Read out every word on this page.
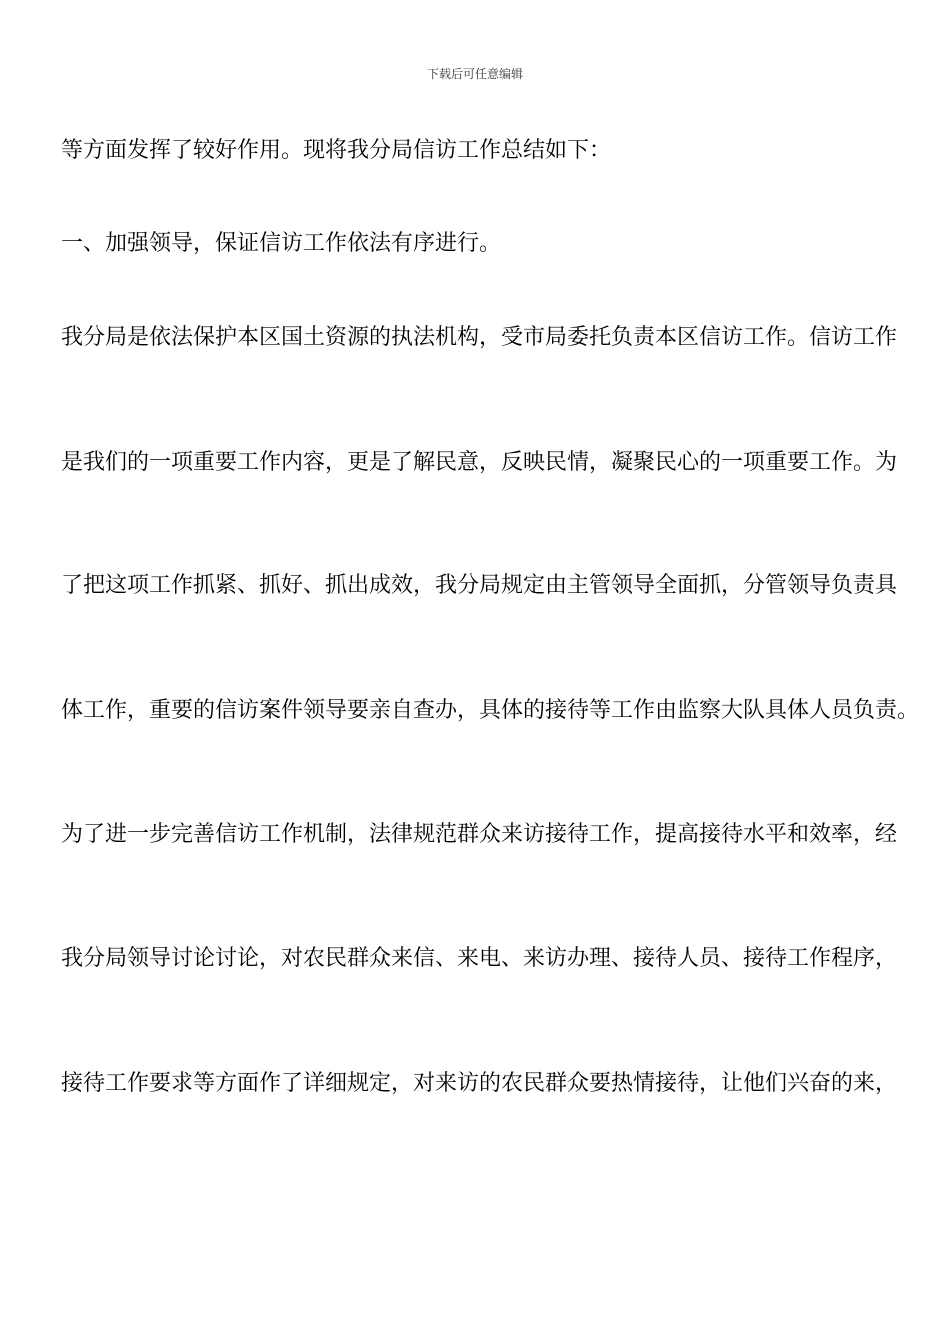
下载后可任意编辑
等方面发挥了较好作用。现将我分局信访工作总结如下：
一、加强领导，保证信访工作依法有序进行。
我分局是依法保护本区国土资源的执法机构，受市局委托负责本区信访工作。信访工作
是我们的一项重要工作内容，更是了解民意，反映民情，凝聚民心的一项重要工作。为
了把这项工作抓紧、抓好、抓出成效，我分局规定由主管领导全面抓，分管领导负责具
体工作，重要的信访案件领导要亲自查办，具体的接待等工作由监察大队具体人员负责。
为了进一步完善信访工作机制，法律规范群众来访接待工作，提高接待水平和效率，经
我分局领导讨论讨论，对农民群众来信、来电、来访办理、接待人员、接待工作程序，
接待工作要求等方面作了详细规定，对来访的农民群众要热情接待，让他们兴奋的来，
